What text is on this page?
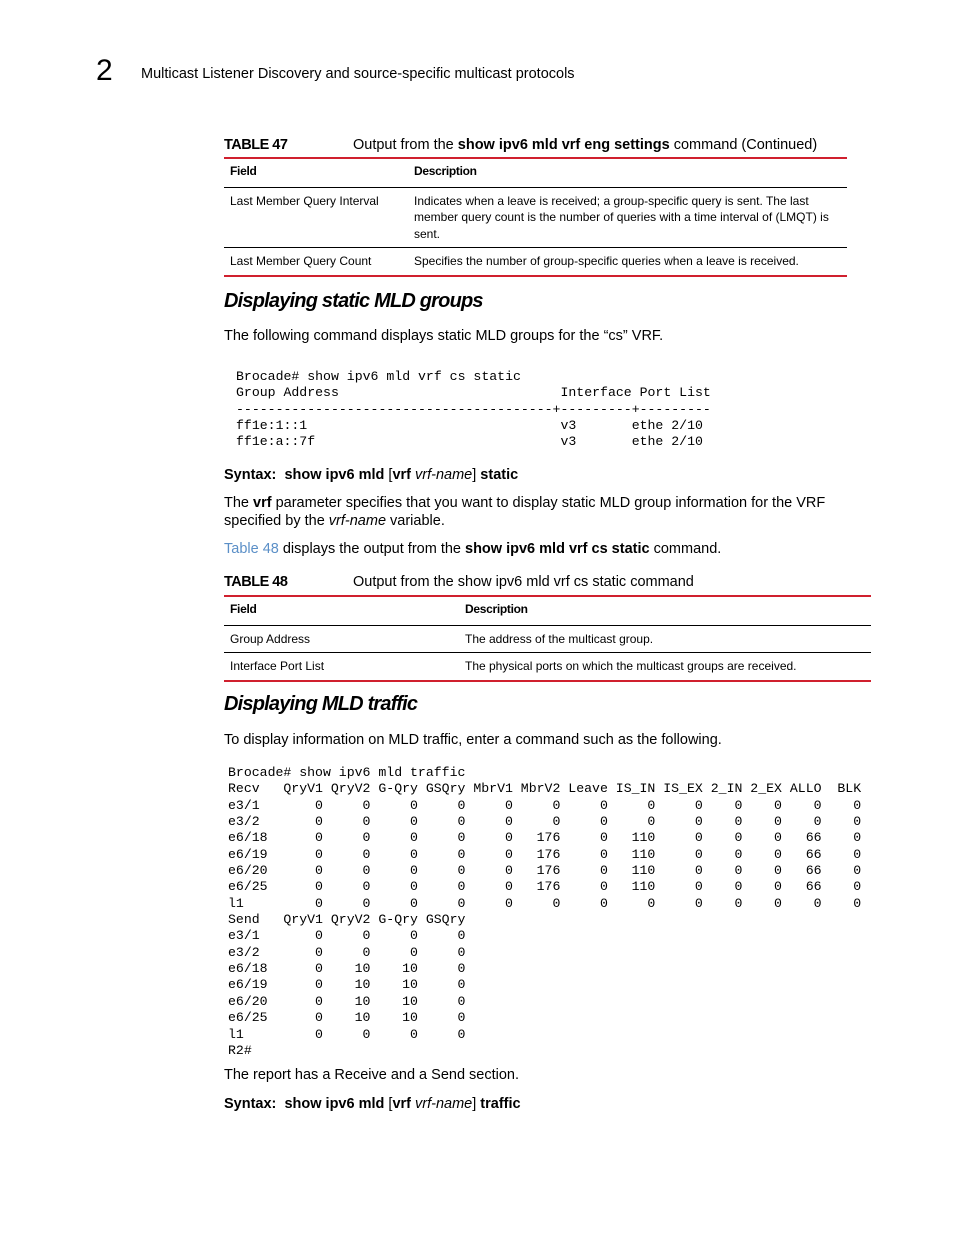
2 Multicast Listener Discovery and source-specific multicast protocols
TABLE 47	Output from the show ipv6 mld vrf eng settings command (Continued)
Field	Description
Last Member Query Interval	Indicates when a leave is received; a group-specific query is sent. The last member query count is the number of queries with a time interval of (LMQT) is sent.
Last Member Query Count	Specifies the number of group-specific queries when a leave is received.
Displaying static MLD groups
The following command displays static MLD groups for the “cs” VRF.
Brocade# show ipv6 mld vrf cs static
Group Address                            Interface Port List
----------------------------------------+---------+---------
ff1e:1::1                                v3       ethe 2/10
ff1e:a::7f                               v3       ethe 2/10
Syntax: show ipv6 mld [vrf vrf-name] static
The vrf parameter specifies that you want to display static MLD group information for the VRF specified by the vrf-name variable.
Table 48 displays the output from the show ipv6 mld vrf cs static command.
TABLE 48	Output from the show ipv6 mld vrf cs static command
Field	Description
Group Address	The address of the multicast group.
Interface Port List	The physical ports on which the multicast groups are received.
Displaying MLD traffic
To display information on MLD traffic, enter a command such as the following.
Brocade# show ipv6 mld traffic
Recv   QryV1 QryV2 G-Qry GSQry MbrV1 MbrV2 Leave IS_IN IS_EX 2_IN 2_EX ALLO  BLK
e3/1       0     0     0     0     0     0     0     0     0    0    0    0    0
e3/2       0     0     0     0     0     0     0     0     0    0    0    0    0
e6/18      0     0     0     0     0   176     0   110     0    0    0   66    0
e6/19      0     0     0     0     0   176     0   110     0    0    0   66    0
e6/20      0     0     0     0     0   176     0   110     0    0    0   66    0
e6/25      0     0     0     0     0   176     0   110     0    0    0   66    0
l1         0     0     0     0     0     0     0     0     0    0    0    0    0
Send   QryV1 QryV2 G-Qry GSQry
e3/1       0     0     0     0
e3/2       0     0     0     0
e6/18      0    10    10     0
e6/19      0    10    10     0
e6/20      0    10    10     0
e6/25      0    10    10     0
l1         0     0     0     0
R2#
The report has a Receive and a Send section.
Syntax: show ipv6 mld [vrf vrf-name] traffic
